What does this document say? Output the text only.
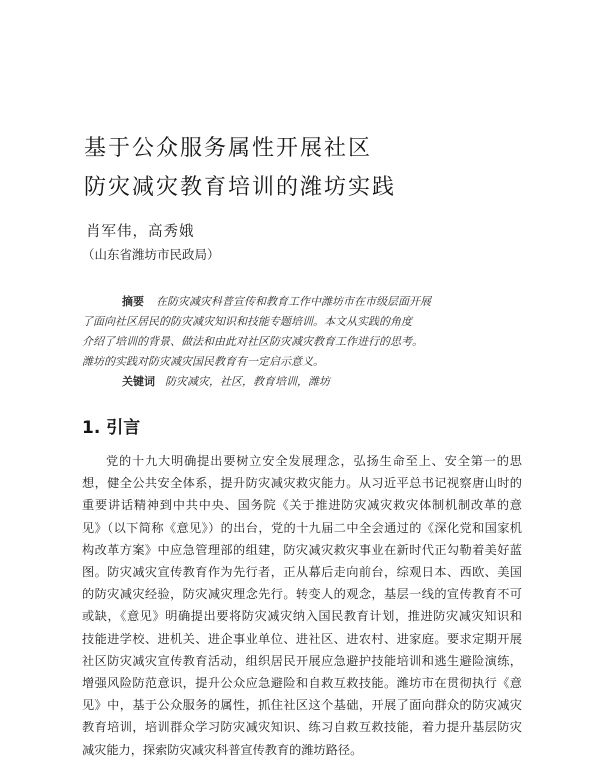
基于公众服务属性开展社区
防灾减灾教育培训的潍坊实践
肖军伟，高秀娥
（山东省潍坊市民政局）
摘要 在防灾减灾科普宣传和教育工作中潍坊市在市级层面开展
了面向社区居民的防灾减灾知识和技能专题培训。本文从实践的角度
介绍了培训的背景、做法和由此对社区防灾减灾教育工作进行的思考。
潍坊的实践对防灾减灾国民教育有一定启示意义。
关键词 防灾减灾，社区，教育培训，潍坊
1. 引言
党的十九大明确提出要树立安全发展理念，弘扬生命至上、安全第一的思
想，健全公共安全体系，提升防灾减灾救灾能力。从习近平总书记视察唐山时的
重要讲话精神到中共中央、国务院《关于推进防灾减灾救灾体制机制改革的意
见》（以下简称《意见》）的出台，党的十九届二中全会通过的《深化党和国家机
构改革方案》中应急管理部的组建，防灾减灾救灾事业在新时代正勾勒着美好蓝
图。防灾减灾宣传教育作为先行者，正从幕后走向前台，综观日本、西欧、美国
的防灾减灾经验，防灾减灾理念先行。转变人的观念，基层一线的宣传教育不可
或缺，《意见》明确提出要将防灾减灾纳入国民教育计划，推进防灾减灾知识和
技能进学校、进机关、进企事业单位、进社区、进农村、进家庭。要求定期开展
社区防灾减灾宣传教育活动，组织居民开展应急避护技能培训和逃生避险演练，
增强风险防范意识，提升公众应急避险和自救互救技能。潍坊市在贯彻执行《意
见》中，基于公众服务的属性，抓住社区这个基础，开展了面向群众的防灾减灾
教育培训，培训群众学习防灾减灾知识、练习自救互救技能，着力提升基层防灾
减灾能力，探索防灾减灾科普宣传教育的潍坊路径。
